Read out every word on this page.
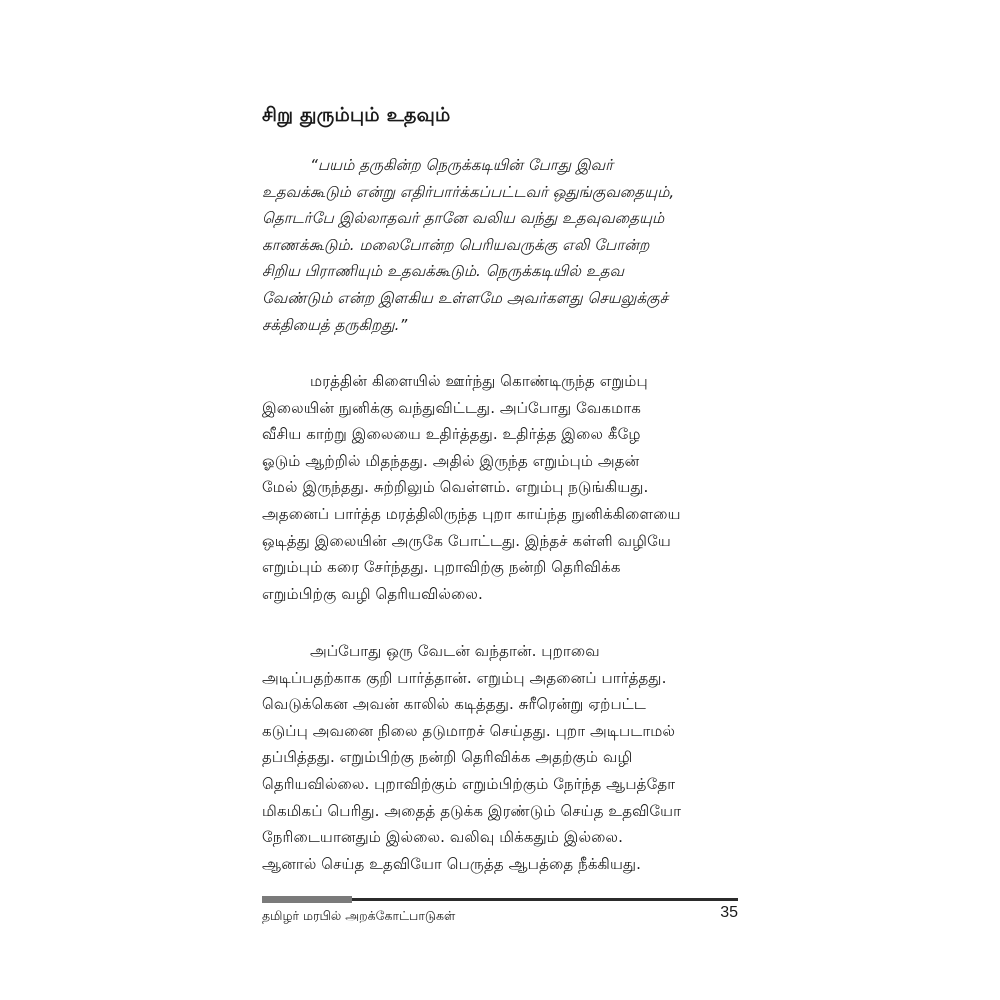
சிறு துரும்பும் உதவும்

“பயம் தருகின்ற நெருக்கடியின் போது இவர்
உதவக்கூடும் என்று எதிர்பார்க்கப்பட்டவர் ஒதுங்குவதையும்,
தொடர்பே இல்லாதவர் தானே வலிய வந்து உதவுவதையும்
காணக்கூடும். மலைபோன்ற பெரியவருக்கு எலி போன்ற
சிறிய பிராணியும் உதவக்கூடும். நெருக்கடியில் உதவ
வேண்டும் என்ற இளகிய உள்ளமே அவர்களது செயலுக்குச்
சக்தியைத் தருகிறது.”

மரத்தின் கிளையில் ஊர்ந்து கொண்டிருந்த எறும்பு
இலையின் நுனிக்கு வந்துவிட்டது. அப்போது வேகமாக
வீசிய காற்று இலையை உதிர்த்தது. உதிர்த்த இலை கீழே
ஓடும் ஆற்றில் மிதந்தது. அதில் இருந்த எறும்பும் அதன்
மேல் இருந்தது. சுற்றிலும் வெள்ளம். எறும்பு நடுங்கியது.
அதனைப் பார்த்த மரத்திலிருந்த புறா காய்ந்த நுனிக்கிளையை
ஒடித்து இலையின் அருகே போட்டது. இந்தச் கள்ளி வழியே
எறும்பும் கரை சேர்ந்தது. புறாவிற்கு நன்றி தெரிவிக்க
எறும்பிற்கு வழி தெரியவில்லை.

அப்போது ஒரு வேடன் வந்தான். புறாவை
அடிப்பதற்காக குறி பார்த்தான். எறும்பு அதனைப் பார்த்தது.
வெடுக்கென அவன் காலில் கடித்தது. சுரீரென்று ஏற்பட்ட
கடுப்பு அவனை நிலை தடுமாறச் செய்தது. புறா அடிபடாமல்
தப்பித்தது. எறும்பிற்கு நன்றி தெரிவிக்க அதற்கும் வழி
தெரியவில்லை. புறாவிற்கும் எறும்பிற்கும் நேர்ந்த ஆபத்தோ
மிகமிகப் பெரிது. அதைத் தடுக்க இரண்டும் செய்த உதவியோ
நேரிடையானதும் இல்லை. வலிவு மிக்கதும் இல்லை.
ஆனால் செய்த உதவியோ பெருத்த ஆபத்தை நீக்கியது.

தமிழர் மரபில் அறக்கோட்பாடுகள்	35
